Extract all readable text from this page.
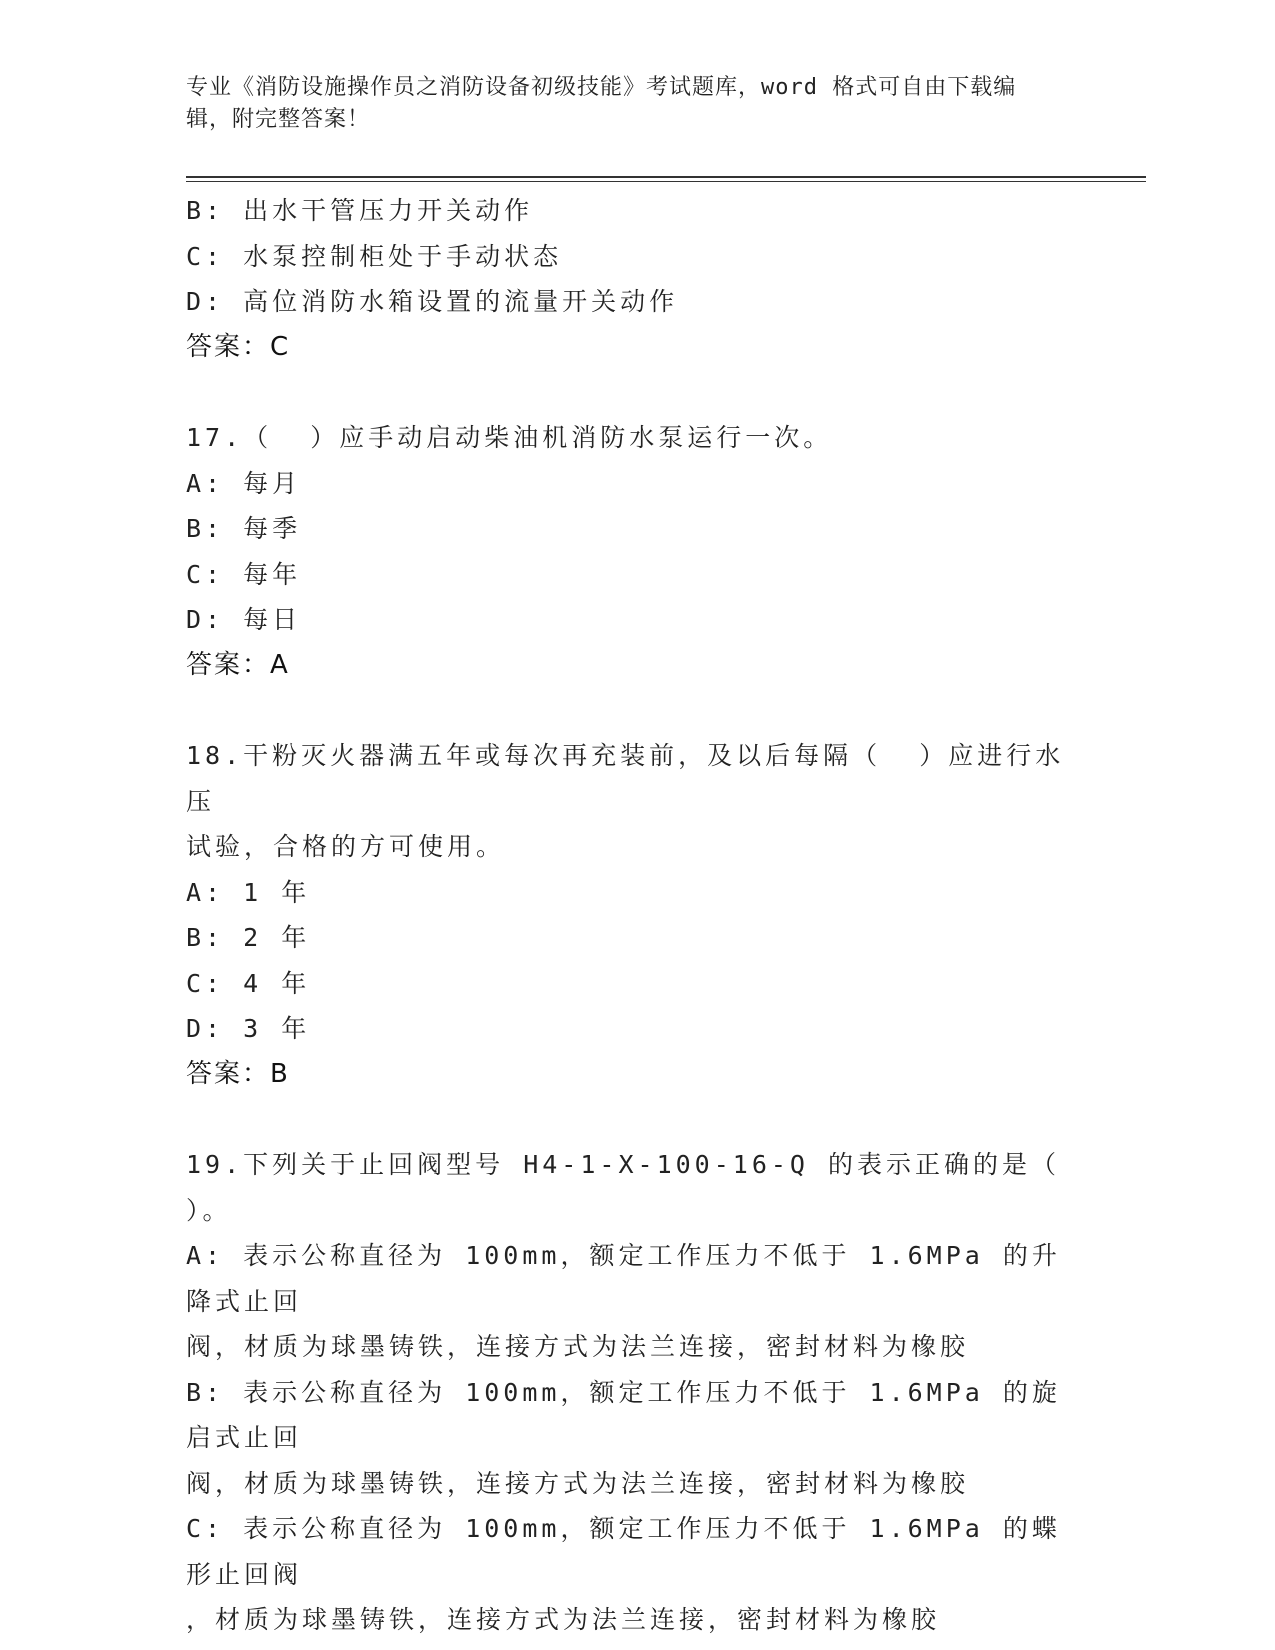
专业《消防设施操作员之消防设备初级技能》考试题库，word 格式可自由下载编
辑，附完整答案！
B: 出水干管压力开关动作
C: 水泵控制柜处于手动状态
D: 高位消防水箱设置的流量开关动作
答案：C
17.（  ）应手动启动柴油机消防水泵运行一次。
A: 每月
B: 每季
C: 每年
D: 每日
答案：A
18.干粉灭火器满五年或每次再充装前，及以后每隔（  ）应进行水压
试验，合格的方可使用。
A: 1 年
B: 2 年
C: 4 年
D: 3 年
答案：B
19.下列关于止回阀型号 H4-1-X-100-16-Q 的表示正确的是（  ）。
A: 表示公称直径为 100mm，额定工作压力不低于 1.6MPa 的升降式止回
阀，材质为球墨铸铁，连接方式为法兰连接，密封材料为橡胶
B: 表示公称直径为 100mm，额定工作压力不低于 1.6MPa 的旋启式止回
阀，材质为球墨铸铁，连接方式为法兰连接，密封材料为橡胶
C: 表示公称直径为 100mm，额定工作压力不低于 1.6MPa 的蝶形止回阀
，材质为球墨铸铁，连接方式为法兰连接，密封材料为橡胶
